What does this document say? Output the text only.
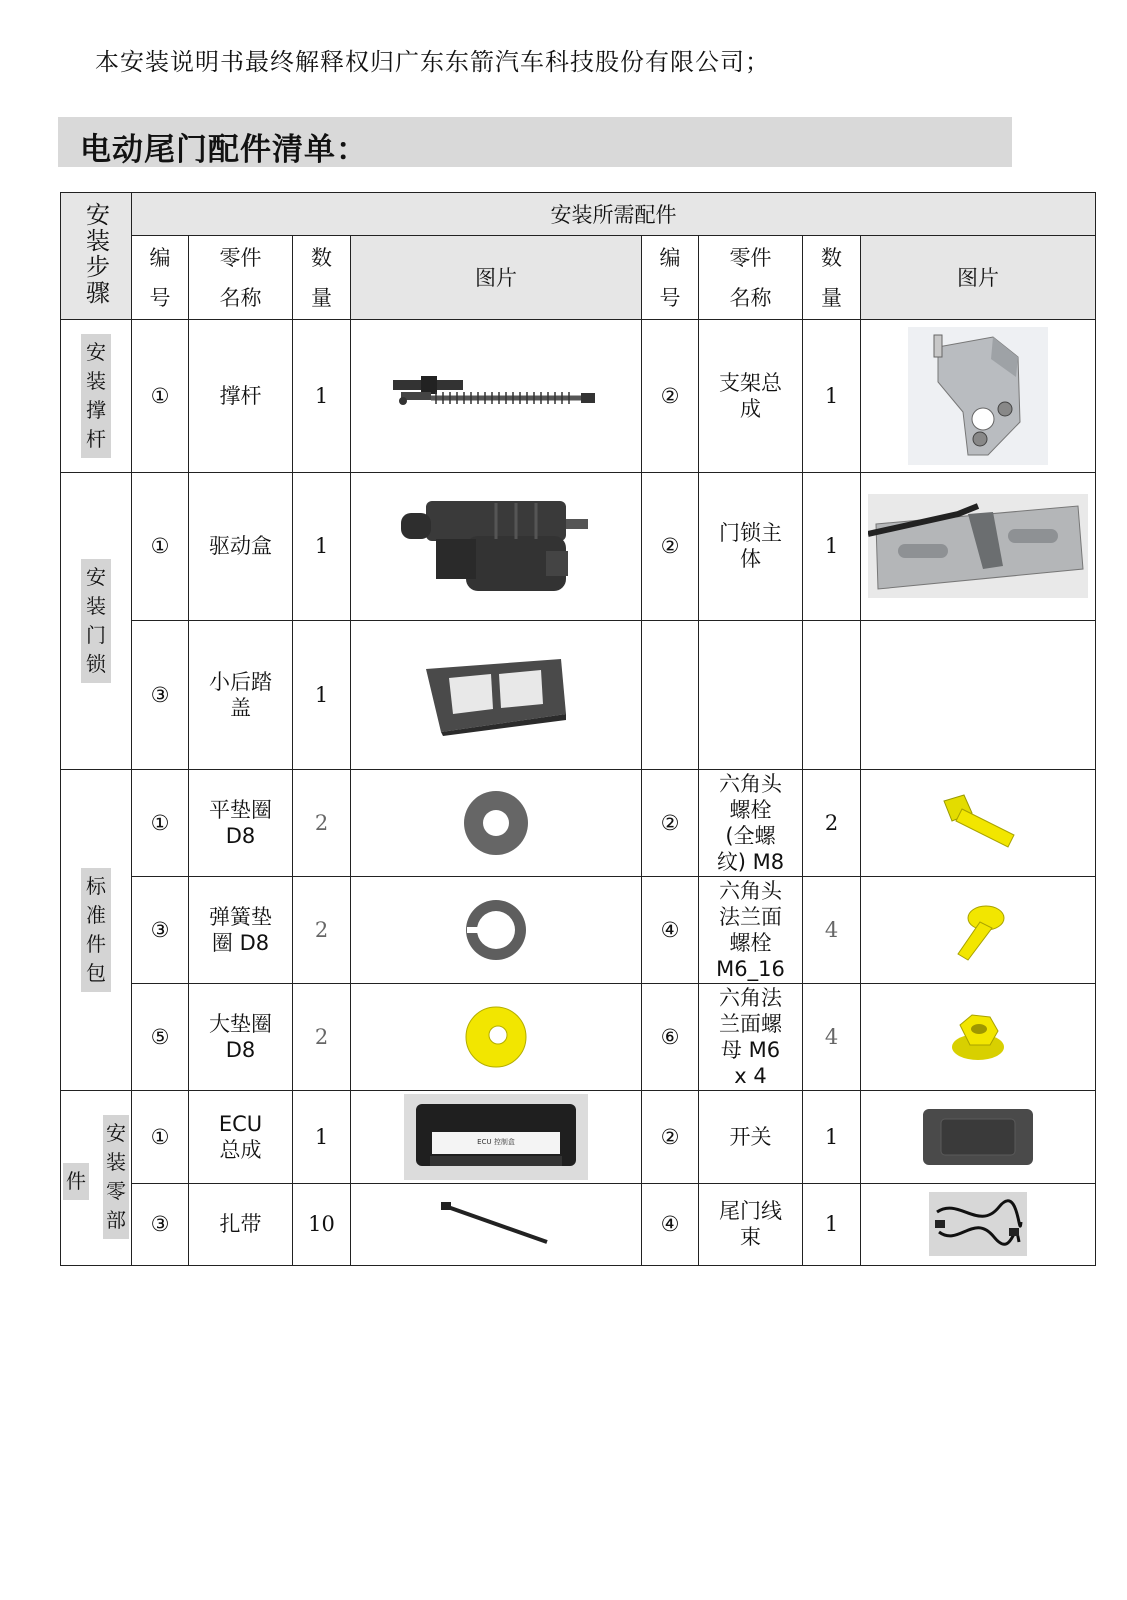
本安装说明书最终解释权归广东东箭汽车科技股份有限公司；
电动尾门配件清单：
安装步骤	安装所需配件							

	编号	零件名称	数量	图片	编号	零件名称	数量	图片
安装撑杆	①	撑杆	1		②	支架总成	1	

安装门锁	①	驱动盒	1		②	门锁主体	1	

	③	小后踏盖	1	

标准件包	①	平垫圈 D8	2		②	六角头螺栓(全螺纹) M8	2	

	③	弹簧垫圈 D8	2		④	六角头法兰面螺栓 M6_16	4	

	⑤	大垫圈 D8	2		⑥	六角法兰面螺母 M6 x 4	4	

件
安装零部	①	ECU 总成	1	ECU 控制盒	②	开关	1	

	③	扎带	10		④	尾门线束	1	
